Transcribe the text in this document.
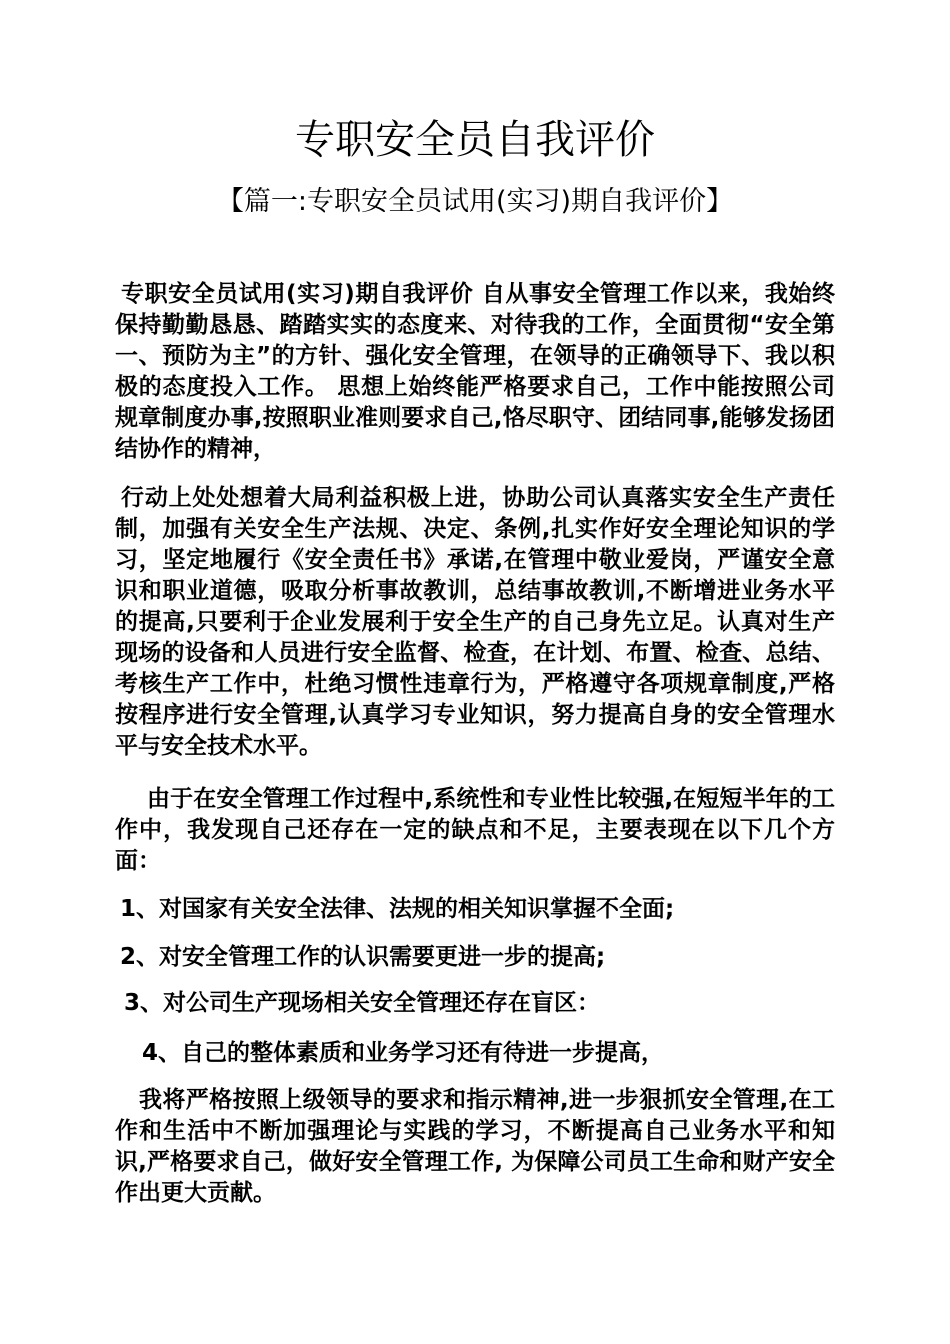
专职安全员自我评价
【篇一:专职安全员试用(实习)期自我评价】

专职安全员试用(实习)期自我评价 自从事安全管理工作以来，我始终保持勤勤恳恳、踏踏实实的态度来、对待我的工作，全面贯彻“安全第一、预防为主”的方针、强化安全管理，在领导的正确领导下、我以积极的态度投入工作。 思想上始终能严格要求自己，工作中能按照公司规章制度办事,按照职业准则要求自己,恪尽职守、团结同事,能够发扬团结协作的精神，

行动上处处想着大局利益积极上进，协助公司认真落实安全生产责任制，加强有关安全生产法规、决定、条例,扎实作好安全理论知识的学习，坚定地履行《安全责任书》承诺,在管理中敬业爱岗，严谨安全意识和职业道德，吸取分析事故教训，总结事故教训,不断增进业务水平的提高,只要利于企业发展利于安全生产的自己身先立足。认真对生产现场的设备和人员进行安全监督、检查，在计划、布置、检查、总结、考核生产工作中，杜绝习惯性违章行为，严格遵守各项规章制度,严格按程序进行安全管理,认真学习专业知识，努力提高自身的安全管理水平与安全技术水平。

由于在安全管理工作过程中,系统性和专业性比较强,在短短半年的工作中，我发现自己还存在一定的缺点和不足，主要表现在以下几个方面：

1、对国家有关安全法律、法规的相关知识掌握不全面;

2、对安全管理工作的认识需要更进一步的提高;

3、对公司生产现场相关安全管理还存在盲区：

4、自己的整体素质和业务学习还有待进一步提高，

我将严格按照上级领导的要求和指示精神,进一步狠抓安全管理,在工作和生活中不断加强理论与实践的学习，不断提高自己业务水平和知识,严格要求自己，做好安全管理工作, 为保障公司员工生命和财产安全作出更大贡献。
